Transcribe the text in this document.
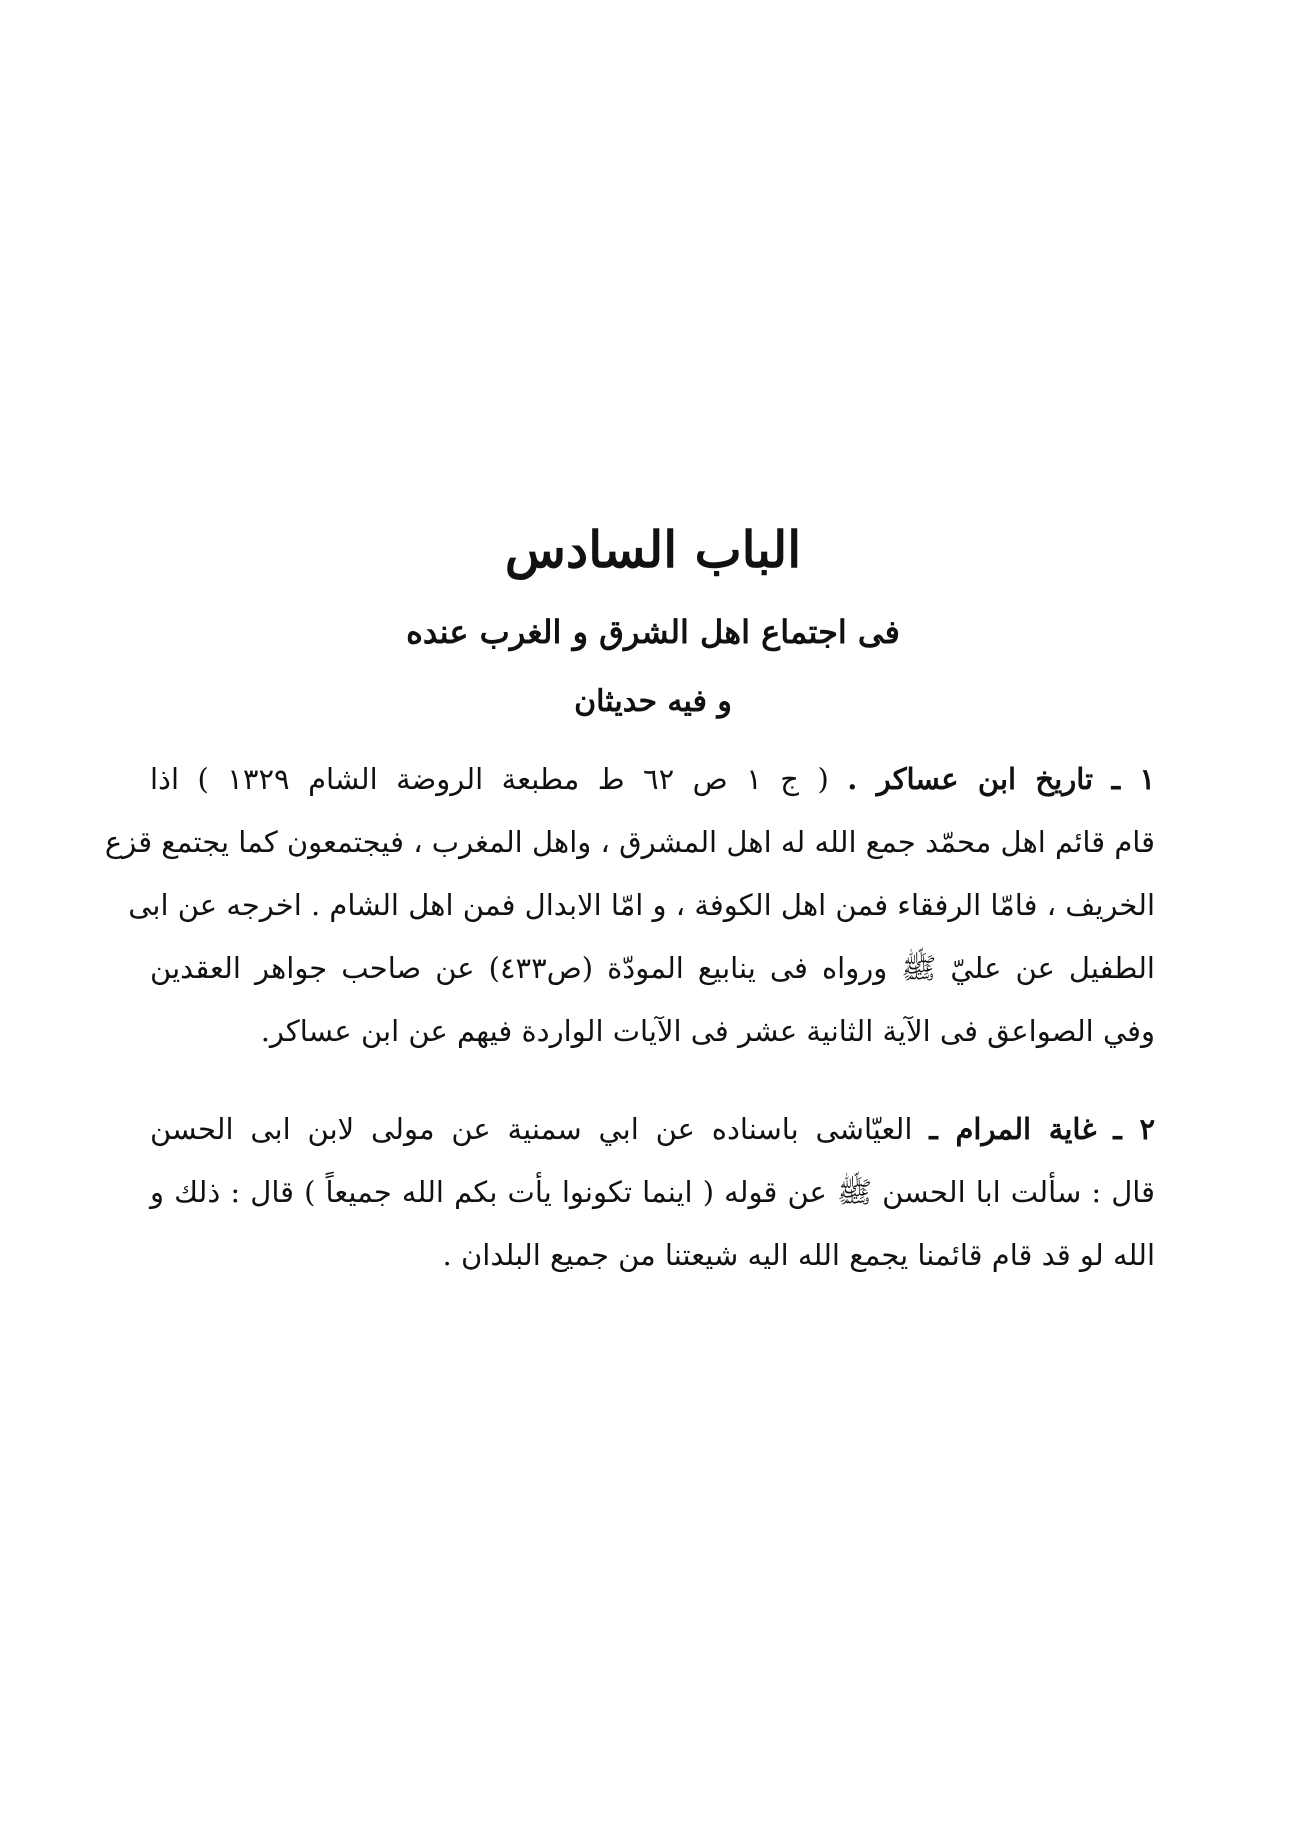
الباب السادس

فى اجتماع اهل الشرق و الغرب عنده

و فيه حديثان

١ ـ تاريخ ابن عساكر . ( ج ١ ص ٦٢ ط مطبعة الروضة الشام ١٣٢٩ ) اذا
قام قائم اهل محمّد جمع الله له اهل المشرق ، واهل المغرب ، فيجتمعون كما يجتمع قزع
الخريف ، فامّا الرفقاء فمن اهل الكوفة ، و امّا الابدال فمن اهل الشام . اخرجه عن ابى
الطفيل عن عليّ ﷺ ورواه فى ينابيع المودّة (ص٤٣٣) عن صاحب جواهر العقدين
وفي الصواعق فى الآية الثانية عشر فى الآيات الواردة فيهم عن ابن عساكر.
٢ ـ غاية المرام ـ العيّاشى باسناده عن ابي سمنية عن مولى لابن ابى الحسن
قال : سألت ابا الحسن ﷺ عن قوله ( اينما تكونوا يأت بكم الله جميعاً ) قال : ذلك و
الله لو قد قام قائمنا يجمع الله اليه شيعتنا من جميع البلدان .
